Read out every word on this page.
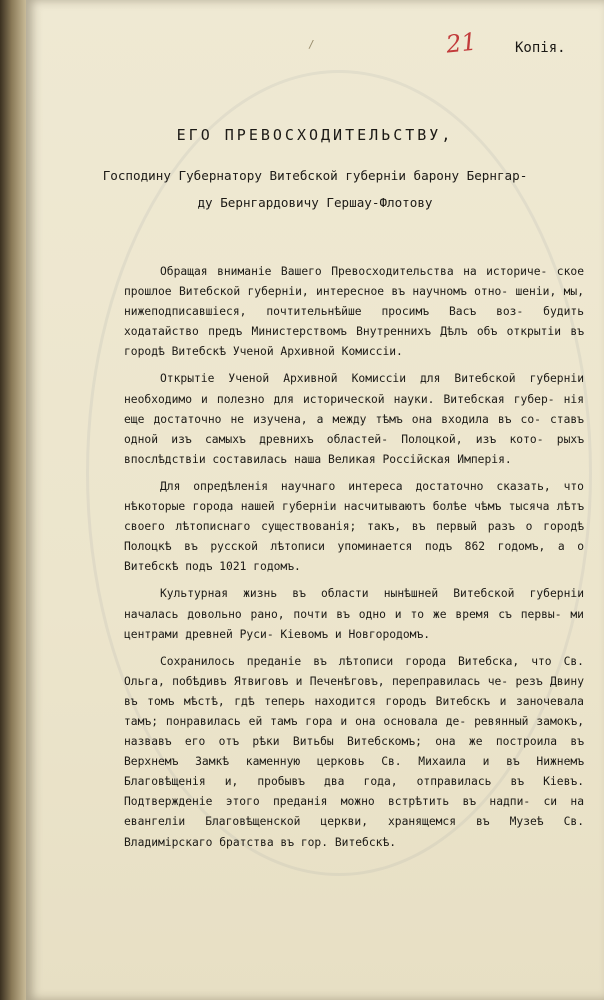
/	21	Копія.
ЕГО ПРЕВОСХОДИТЕЛЬСТВУ,
Господину Губернатору Витебской губерніи барону Бернгар-
ду Бернгардовичу Гершау-Флотову

Обращая вниманіе Вашего Превосходительства на историче- ское прошлое Витебской губерніи, интересное въ научномъ отно- шеніи, мы, нижеподписавшіеся, почтительнѣйше просимъ Васъ воз- будить ходатайство предъ Министерствомъ Внутреннихъ Дѣлъ объ открытіи въ городѣ Витебскѣ Ученой Архивной Комиссіи.

Открытіе Ученой Архивной Комиссіи для Витебской губерніи необходимо и полезно для исторической науки. Витебская губер- нія еще достаточно не изучена, а между тѣмъ она входила въ со- ставъ одной изъ самыхъ древнихъ областей- Полоцкой, изъ кото- рыхъ впослѣдствіи составилась наша Великая Россійская Имперія.

Для опредѣленія научнаго интереса достаточно сказать, что нѣкоторые города нашей губерніи насчитываютъ болѣе чѣмъ тысяча лѣтъ своего лѣтописнаго существованія; такъ, въ первый разъ о городѣ Полоцкѣ въ русской лѣтописи упоминается подъ 862 годомъ, а о Витебскѣ подъ 1021 годомъ.

Культурная жизнь въ области нынѣшней Витебской губерніи началась довольно рано, почти въ одно и то же время съ первы- ми центрами древней Руси- Кіевомъ и Новгородомъ.

Сохранилось преданіе въ лѣтописи города Витебска, что Св. Ольга, побѣдивъ Ятвиговъ и Печенѣговъ, переправилась че- резъ Двину въ томъ мѣстѣ, гдѣ теперь находится городъ Витебскъ и заночевала тамъ; понравилась ей тамъ гора и она основала де- ревянный замокъ, назвавъ его отъ рѣки Витьбы Витебскомъ; она же построила въ Верхнемъ Замкѣ каменную церковь Св. Михаила и въ Нижнемъ Благовѣщенія и, пробывъ два года, отправилась въ Кіевъ. Подтвержденіе этого преданія можно встрѣтить въ надпи- си на евангеліи Благовѣщенской церкви, хранящемся въ Музеѣ Св. Владимірскаго братства въ гор. Витебскѣ.
